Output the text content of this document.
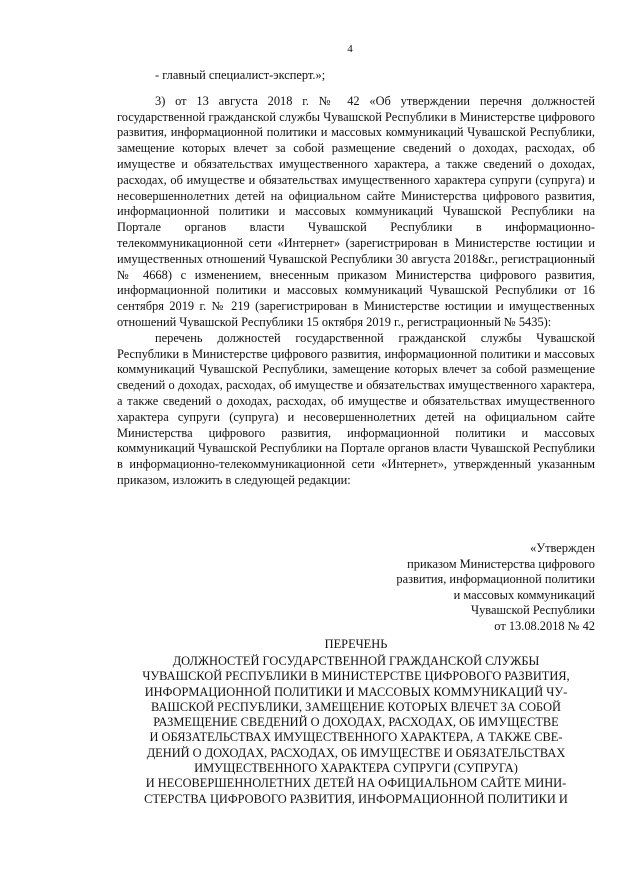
4

- главный специалист-эксперт.»;

3) от 13 августа 2018 г. № 42 «Об утверждении перечня должностей государственной гражданской службы Чувашской Республики в Министерстве цифрового развития, информационной политики и массовых коммуникаций Чувашской Республики, замещение которых влечет за собой размещение сведений о доходах, расходах, об имуществе и обязательствах имущественного характера, а также сведений о доходах, расходах, об имуществе и обязательствах имущественного характера супруги (супруга) и несовершеннолетних детей на официальном сайте Министерства цифрового развития, информационной политики и массовых коммуникаций Чувашской Республики на Портале органов власти Чувашской Республики в информационно-телекоммуникационной сети «Интернет» (зарегистрирован в Министерстве юстиции и имущественных отношений Чувашской Республики 30 августа 2018&г., регистрационный № 4668) с изменением, внесенным приказом Министерства цифрового развития, информационной политики и массовых коммуникаций Чувашской Республики от 16 сентября 2019 г. № 219 (зарегистрирован в Министерстве юстиции и имущественных отношений Чувашской Республики 15 октября 2019 г., регистрационный № 5435):

перечень должностей государственной гражданской службы Чувашской Республики в Министерстве цифрового развития, информационной политики и массовых коммуникаций Чувашской Республики, замещение которых влечет за собой размещение сведений о доходах, расходах, об имуществе и обязательствах имущественного характера, а также сведений о доходах, расходах, об имуществе и обязательствах имущественного характера супруги (супруга) и несовершеннолетних детей на официальном сайте Министерства цифрового развития, информационной политики и массовых коммуникаций Чувашской Республики на Портале органов власти Чувашской Республики в информационно-телекоммуникационной сети «Интернет», утвержденный указанным приказом, изложить в следующей редакции:

«Утвержден
приказом Министерства цифрового
развития, информационной политики
и массовых коммуникаций
Чувашской Республики
от 13.08.2018 № 42
ПЕРЕЧЕНЬ
ДОЛЖНОСТЕЙ ГОСУДАРСТВЕННОЙ ГРАЖДАНСКОЙ СЛУЖБЫ
ЧУВАШСКОЙ РЕСПУБЛИКИ В МИНИСТЕРСТВЕ ЦИФРОВОГО РАЗВИТИЯ,
ИНФОРМАЦИОННОЙ ПОЛИТИКИ И МАССОВЫХ КОММУНИКАЦИЙ ЧУ-
ВАШСКОЙ РЕСПУБЛИКИ, ЗАМЕЩЕНИЕ КОТОРЫХ ВЛЕЧЕТ ЗА СОБОЙ
РАЗМЕЩЕНИЕ СВЕДЕНИЙ О ДОХОДАХ, РАСХОДАХ, ОБ ИМУЩЕСТВЕ
И ОБЯЗАТЕЛЬСТВАХ ИМУЩЕСТВЕННОГО ХАРАКТЕРА, А ТАКЖЕ СВЕ-
ДЕНИЙ О ДОХОДАХ, РАСХОДАХ, ОБ ИМУЩЕСТВЕ И ОБЯЗАТЕЛЬСТВАХ
ИМУЩЕСТВЕННОГО ХАРАКТЕРА СУПРУГИ (СУПРУГА)
И НЕСОВЕРШЕННОЛЕТНИХ ДЕТЕЙ НА ОФИЦИАЛЬНОМ САЙТЕ МИНИ-
СТЕРСТВА ЦИФРОВОГО РАЗВИТИЯ, ИНФОРМАЦИОННОЙ ПОЛИТИКИ И
